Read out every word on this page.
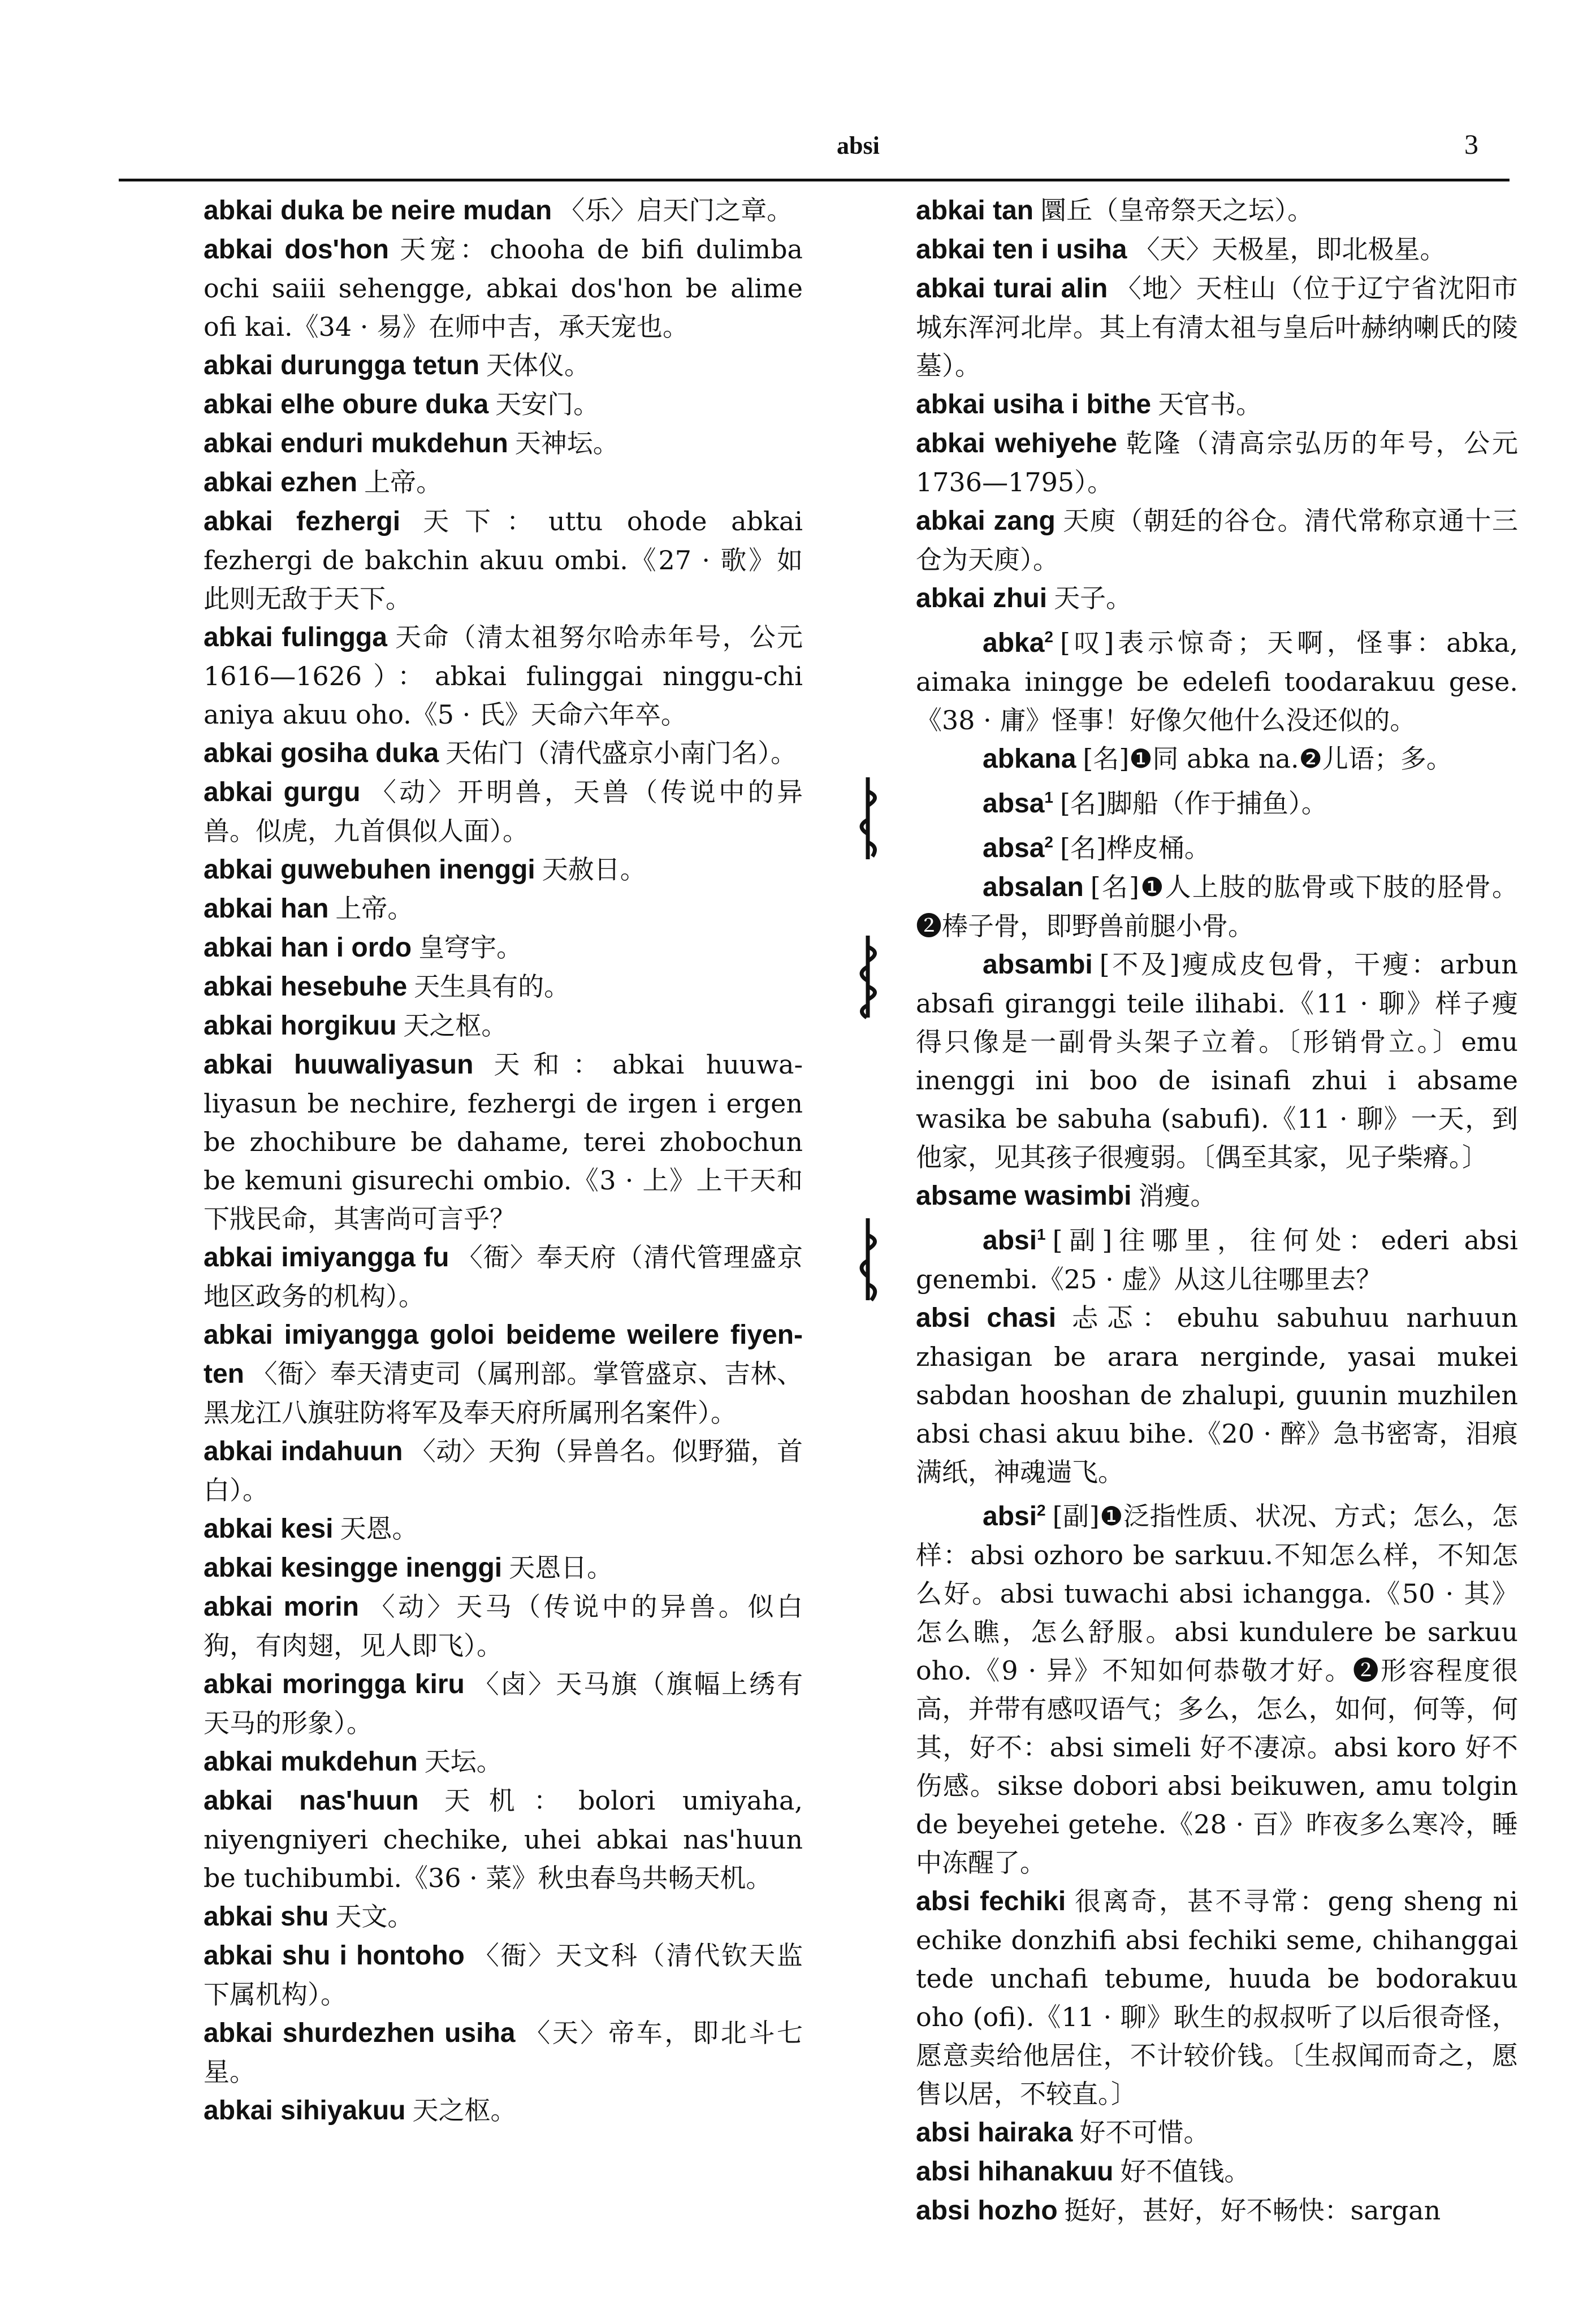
absi	3

abkai duka be neire mudan 〈乐〉启天门之章。

abkai dos'hon 天宠：chooha de bifi dulimba ochi saiii sehengge, abkai dos'hon be alime ofi kai.《34 · 易》在师中吉，承天宠也。

abkai durungga tetun 天体仪。

abkai elhe obure duka 天安门。

abkai enduri mukdehun 天神坛。

abkai ezhen 上帝。

abkai fezhergi 天下：uttu ohode abkai fezhergi de bakchin akuu ombi.《27 · 歌》如此则无敌于天下。

abkai fulingga 天命（清太祖努尔哈赤年号，公元1616—1626）：abkai fulinggai ninggu-chi aniya akuu oho.《5 · 氏》天命六年卒。

abkai gosiha duka 天佑门（清代盛京小南门名）。

abkai gurgu 〈动〉开明兽，天兽（传说中的异兽。似虎，九首俱似人面）。

abkai guwebuhen inenggi 天赦日。

abkai han 上帝。

abkai han i ordo 皇穹宇。

abkai hesebuhe 天生具有的。

abkai horgikuu 天之枢。

abkai huuwaliyasun 天和：abkai huuwa-liyasun be nechire, fezhergi de irgen i ergen be zhochibure be dahame, terei zhobochun be kemuni gisurechi ombio.《3 · 上》上干天和下戕民命，其害尚可言乎？

abkai imiyangga fu 〈衙〉奉天府（清代管理盛京地区政务的机构）。

abkai imiyangga goloi beideme weilere fiyen-ten 〈衙〉奉天清吏司（属刑部。掌管盛京、吉林、黑龙江八旗驻防将军及奉天府所属刑名案件）。

abkai indahuun 〈动〉天狗（异兽名。似野猫，首白）。

abkai kesi 天恩。

abkai kesingge inenggi 天恩日。

abkai morin 〈动〉天马（传说中的异兽。似白狗，有肉翅，见人即飞）。

abkai moringga kiru 〈卤〉天马旗（旗幅上绣有天马的形象）。

abkai mukdehun 天坛。

abkai nas'huun 天机：bolori umiyaha, niyengniyeri chechike, uhei abkai nas'huun be tuchibumbi.《36 · 菜》秋虫春鸟共畅天机。

abkai shu 天文。

abkai shu i hontoho 〈衙〉天文科（清代钦天监下属机构）。

abkai shurdezhen usiha 〈天〉帝车，即北斗七星。

abkai sihiyakuu 天之枢。

abkai tan 圜丘（皇帝祭天之坛）。

abkai ten i usiha 〈天〉天极星，即北极星。

abkai turai alin 〈地〉天柱山（位于辽宁省沈阳市城东浑河北岸。其上有清太祖与皇后叶赫纳喇氏的陵墓）。

abkai usiha i bithe 天官书。

abkai wehiyehe 乾隆（清高宗弘历的年号，公元1736—1795）。

abkai zang 天庾（朝廷的谷仓。清代常称京通十三仓为天庾）。

abkai zhui 天子。

abka$^2$ [叹]表示惊奇；天啊，怪事：abka, aimaka iningge be edelefi toodarakuu gese.《38 · 庸》怪事！好像欠他什么没还似的。

abkana [名]❶同 abka na.❷儿语；多。

absa$^1$ [名]脚船（作于捕鱼）。

absa$^2$ [名]桦皮桶。

absalan [名]❶人上肢的肱骨或下肢的胫骨。❷棒子骨，即野兽前腿小骨。

absambi [不及]瘦成皮包骨，干瘦：arbun absafi giranggi teile ilihabi.《11 · 聊》样子瘦得只像是一副骨头架子立着。〔形销骨立。〕emu inenggi ini boo de isinafi zhui i absame wasika be sabuha (sabufi).《11 · 聊》一天，到他家，见其孩子很瘦弱。〔偶至其家，见子柴瘠。〕

absame wasimbi 消瘦。

absi$^1$ [副]往哪里，往何处：ederi absi genembi.《25 · 虚》从这儿往哪里去？

absi chasi 忐忑：ebuhu sabuhuu narhuun zhasigan be arara nerginde, yasai mukei sabdan hooshan de zhalupi, guunin muzhilen absi chasi akuu bihe.《20 · 醉》急书密寄，泪痕满纸，神魂遄飞。

absi$^2$ [副]❶泛指性质、状况、方式；怎么，怎样：absi ozhoro be sarkuu.不知怎么样，不知怎么好。absi tuwachi absi ichangga.《50 · 其》怎么瞧，怎么舒服。absi kundulere be sarkuu oho.《9 · 异》不知如何恭敬才好。❷形容程度很高，并带有感叹语气；多么，怎么，如何，何等，何其，好不：absi simeli 好不凄凉。absi koro 好不伤感。sikse dobori absi beikuwen, amu tolgin de beyehei getehe.《28 · 百》昨夜多么寒冷，睡中冻醒了。

absi fechiki 很离奇，甚不寻常：geng sheng ni echike donzhifi absi fechiki seme, chihanggai tede unchafi tebume, huuda be bodorakuu oho (ofi).《11 · 聊》耿生的叔叔听了以后很奇怪，愿意卖给他居住，不计较价钱。〔生叔闻而奇之，愿售以居，不较直。〕

absi hairaka 好不可惜。

absi hihanakuu 好不值钱。

absi hozho 挺好，甚好，好不畅快：sargan
